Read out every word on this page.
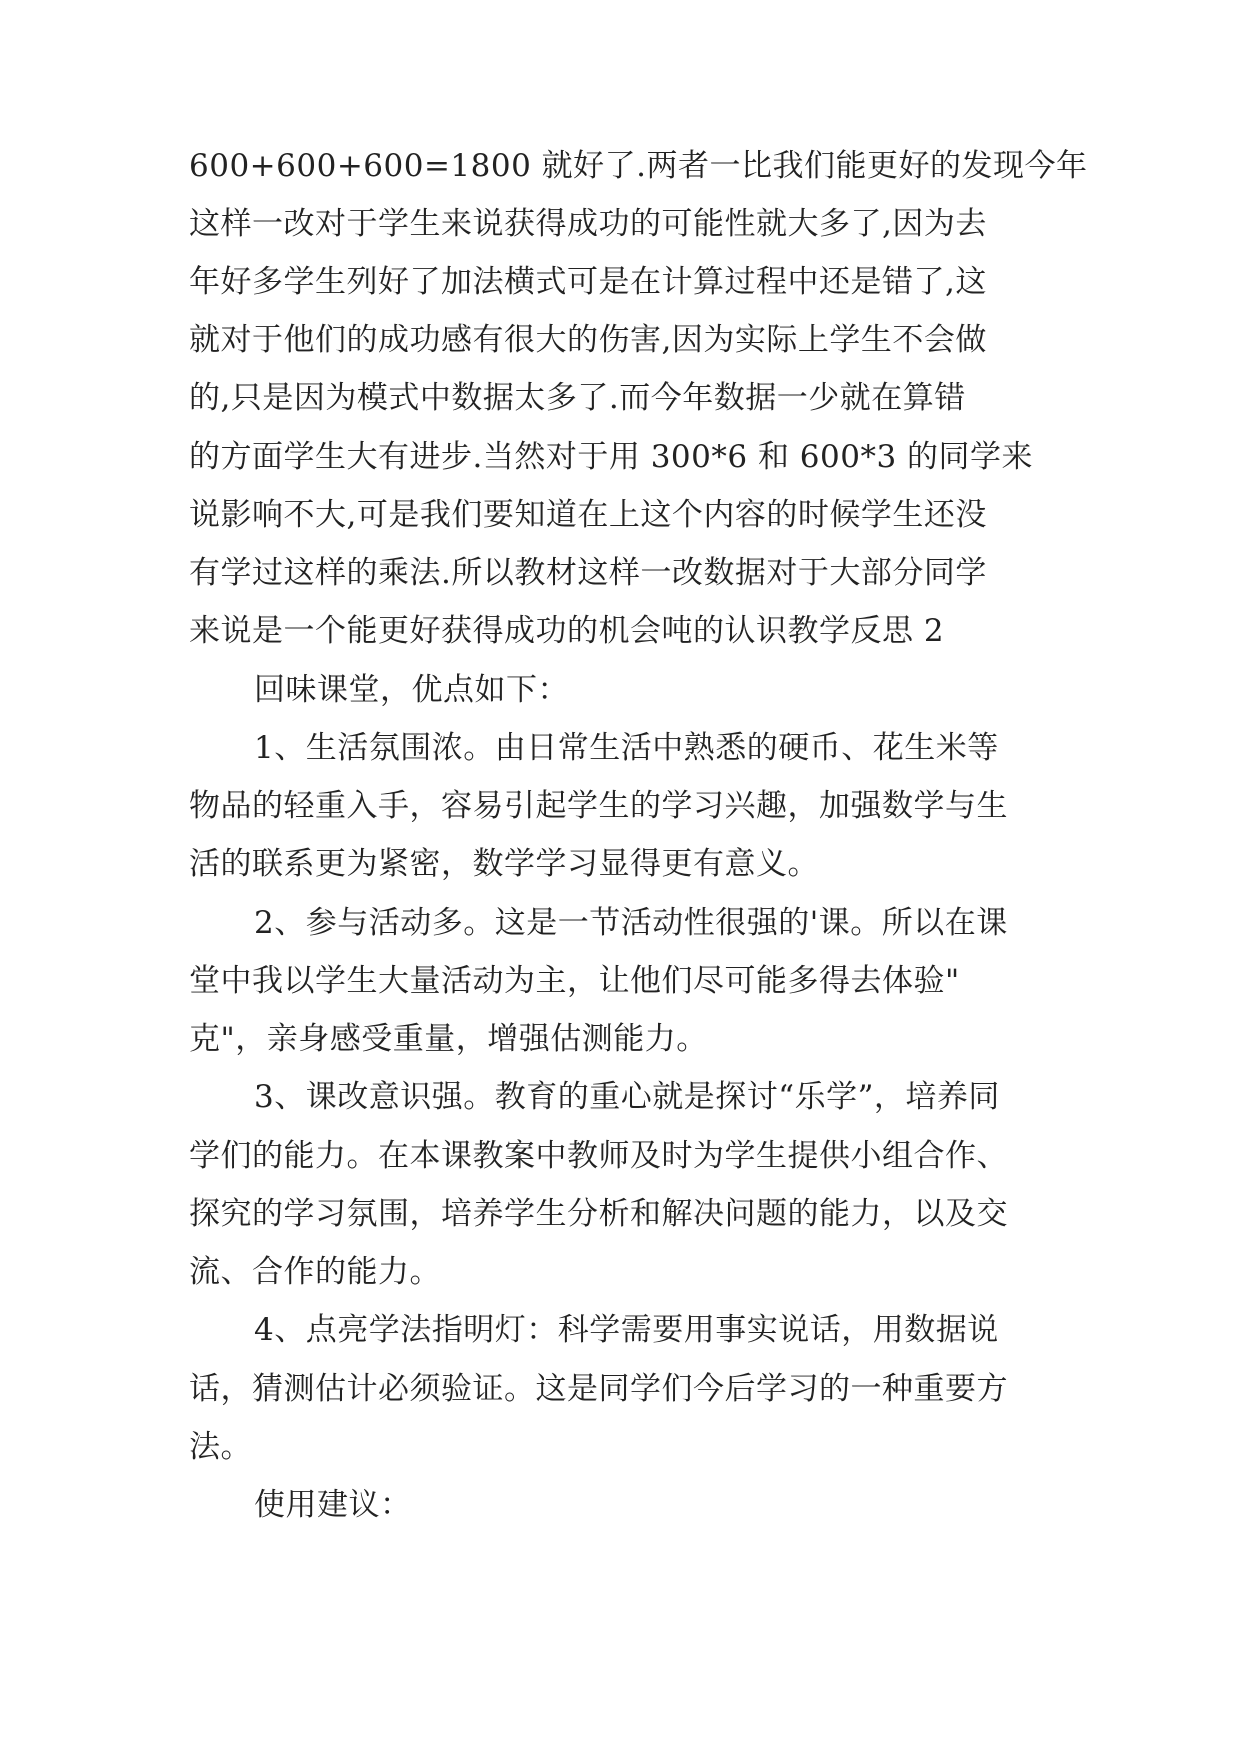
600+600+600=1800 就好了.两者一比我们能更好的发现今年
这样一改对于学生来说获得成功的可能性就大多了,因为去
年好多学生列好了加法横式可是在计算过程中还是错了,这
就对于他们的成功感有很大的伤害,因为实际上学生不会做
的,只是因为模式中数据太多了.而今年数据一少就在算错
的方面学生大有进步.当然对于用 300*6 和 600*3 的同学来
说影响不大,可是我们要知道在上这个内容的时候学生还没
有学过这样的乘法.所以教材这样一改数据对于大部分同学
来说是一个能更好获得成功的机会吨的认识教学反思 2
回味课堂，优点如下：
1、生活氛围浓。由日常生活中熟悉的硬币、花生米等
物品的轻重入手，容易引起学生的学习兴趣，加强数学与生
活的联系更为紧密，数学学习显得更有意义。
2、参与活动多。这是一节活动性很强的'课。所以在课
堂中我以学生大量活动为主，让他们尽可能多得去体验"
克"，亲身感受重量，增强估测能力。
3、课改意识强。教育的重心就是探讨“乐学”，培养同
学们的能力。在本课教案中教师及时为学生提供小组合作、
探究的学习氛围，培养学生分析和解决问题的能力，以及交
流、合作的能力。
4、点亮学法指明灯：科学需要用事实说话，用数据说
话，猜测估计必须验证。这是同学们今后学习的一种重要方
法。
使用建议：
